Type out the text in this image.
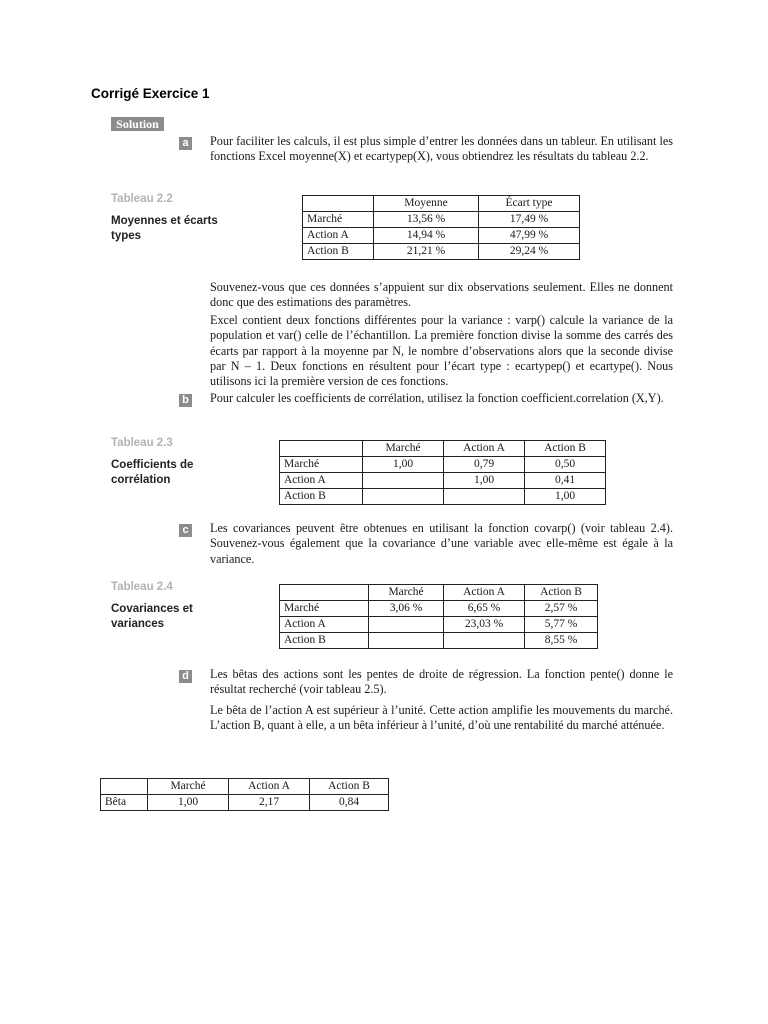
Corrigé Exercice 1
Solution
a Pour faciliter les calculs, il est plus simple d’entrer les données dans un tableur. En utilisant les fonctions Excel moyenne(X) et ecartypep(X), vous obtiendrez les résultats du tableau 2.2.
Tableau 2.2
Moyennes et écarts types
	Moyenne	Écart type
Marché	13,56 %	17,49 %
Action A	14,94 %	47,99 %
Action B	21,21 %	29,24 %
Souvenez-vous que ces données s’appuient sur dix observations seulement. Elles ne donnent donc que des estimations des paramètres.
Excel contient deux fonctions différentes pour la variance : varp() calcule la variance de la population et var() celle de l’échantillon. La première fonction divise la somme des carrés des écarts par rapport à la moyenne par N, le nombre d’observations alors que la seconde divise par N – 1. Deux fonctions en résultent pour l’écart type : ecartypep() et ecartype(). Nous utilisons ici la première version de ces fonctions.
b Pour calculer les coefficients de corrélation, utilisez la fonction coefficient.correlation (X,Y).
Tableau 2.3
Coefficients de corrélation
	Marché	Action A	Action B
Marché	1,00	0,79	0,50
Action A		1,00	0,41
Action B			1,00
c Les covariances peuvent être obtenues en utilisant la fonction covarp() (voir tableau 2.4). Souvenez-vous également que la covariance d’une variable avec elle-même est égale à la variance.
Tableau 2.4
Covariances et variances
	Marché	Action A	Action B
Marché	3,06 %	6,65 %	2,57 %
Action A		23,03 %	5,77 %
Action B			8,55 %
d Les bêtas des actions sont les pentes de droite de régression. La fonction pente() donne le résultat recherché (voir tableau 2.5).
Le bêta de l’action A est supérieur à l’unité. Cette action amplifie les mouvements du marché. L’action B, quant à elle, a un bêta inférieur à l’unité, d’où une rentabilité du marché atténuée.
	Marché	Action A	Action B
Bêta	1,00	2,17	0,84
